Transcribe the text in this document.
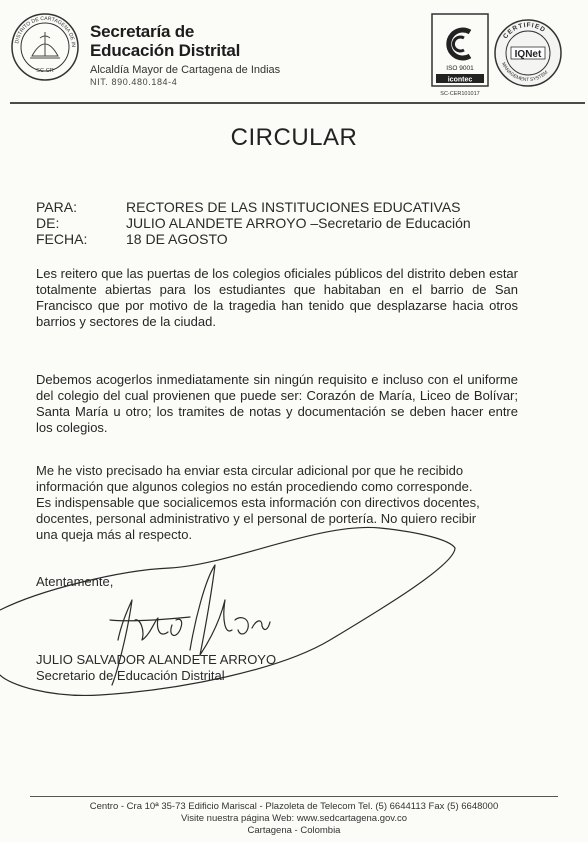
DISTRITO DE CARTAGENA DE IN
SC-CR
Secretaría de
Educación Distrital
Alcaldía Mayor de Cartagena de Indias
NIT. 890.480.184-4
ISO 9001
icontec
SC-CER101017
CERTIFIED
MANAGEMENT SYSTEM
IQNet
CIRCULAR
PARA:	RECTORES DE LAS INSTITUCIONES EDUCATIVAS
DE:	JULIO ALANDETE ARROYO –Secretario de Educación
FECHA:	18 DE AGOSTO
Les reitero que las puertas de los colegios oficiales públicos del distrito deben estar totalmente abiertas para los estudiantes que habitaban en el barrio de San Francisco que por motivo de la tragedia han tenido que desplazarse hacia otros barrios y sectores de la ciudad.
Debemos acogerlos inmediatamente sin ningún requisito e incluso con el uniforme del colegio del cual provienen que puede ser: Corazón de María, Liceo de Bolívar; Santa María u otro; los tramites de notas y documentación se deben hacer entre los colegios.
Me he visto precisado ha enviar esta circular adicional por que he recibido
información que algunos colegios no están procediendo como corresponde.
Es indispensable que socialicemos esta información con directivos docentes,
docentes, personal administrativo y el personal de portería. No quiero recibir
una queja más al respecto.
Atentamente,
JULIO SALVADOR ALANDETE ARROYO
Secretario de Educación Distrital
Centro - Cra 10ª 35-73 Edificio Mariscal - Plazoleta de Telecom Tel. (5) 6644113 Fax (5) 6648000
Visite nuestra página Web: www.sedcartagena.gov.co
Cartagena - Colombia
